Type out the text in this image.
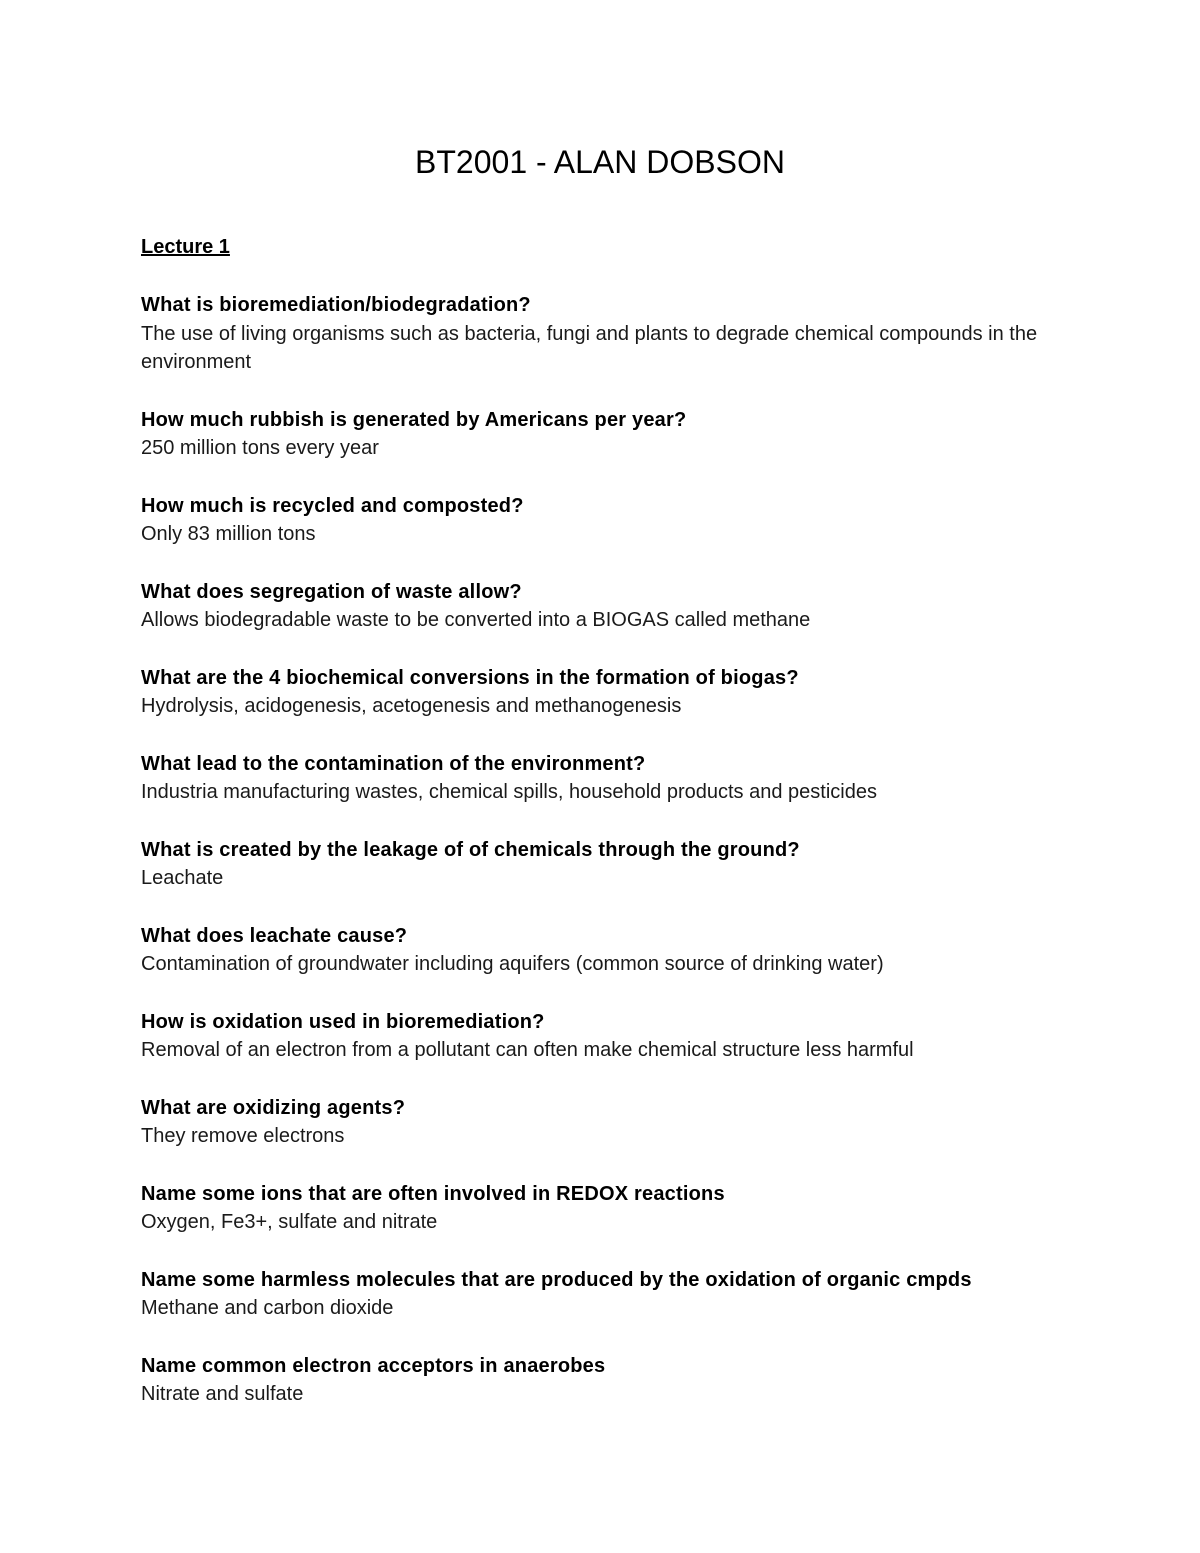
BT2001 - ALAN DOBSON
Lecture 1

What is bioremediation/biodegradation?

The use of living organisms such as bacteria, fungi and plants to degrade chemical compounds in the environment

How much rubbish is generated by Americans per year?

250 million tons every year

How much is recycled and composted?

Only 83 million tons

What does segregation of waste allow?

Allows biodegradable waste to be converted into a BIOGAS called methane

What are the 4 biochemical conversions in the formation of biogas?

Hydrolysis, acidogenesis, acetogenesis and methanogenesis

What lead to the contamination of the environment?

Industria manufacturing wastes, chemical spills, household products and pesticides

What is created by the leakage of of chemicals through the ground?

Leachate

What does leachate cause?

Contamination of groundwater including aquifers (common source of drinking water)

How is oxidation used in bioremediation?

Removal of an electron from a pollutant can often make chemical structure less harmful

What are oxidizing agents?

They remove electrons

Name some ions that are often involved in REDOX reactions

Oxygen, Fe3+, sulfate and nitrate

Name some harmless molecules that are produced by the oxidation of organic cmpds

Methane and carbon dioxide

Name common electron acceptors in anaerobes

Nitrate and sulfate
